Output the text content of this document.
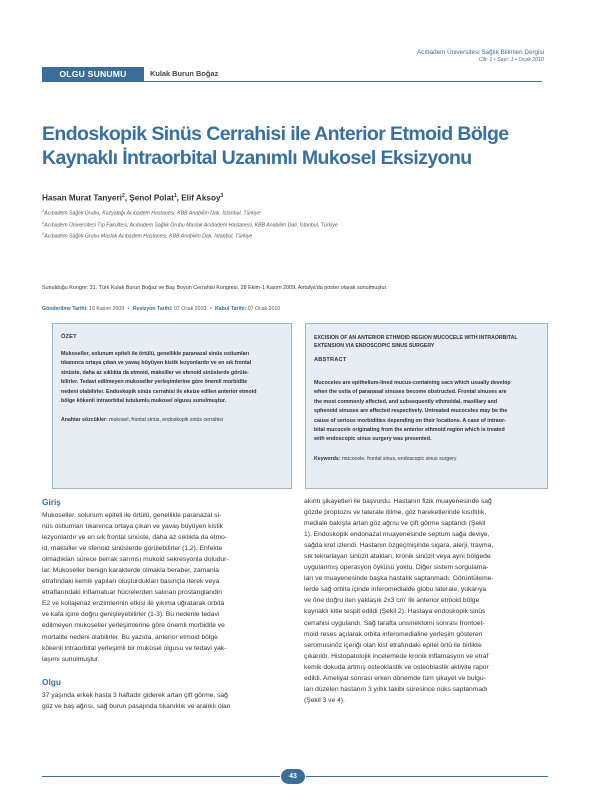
Acıbadem Üniversitesi Sağlık Bilimleri Dergisi
Cilt: 1 • Sayı: 1 • Ocak 2010
OLGU SUNUMU	Kulak Burun Boğaz
Endoskopik Sinüs Cerrahisi ile Anterior Etmoid Bölge
Kaynaklı İntraorbital Uzanımlı Mukosel Eksizyonu
Hasan Murat Tanyeri$^2$, Şenol Polat$^1$, Elif Aksoy$^3$
$^1$Acıbadem Sağlık Grubu, Kozyatağı Acıbadem Hastanesi, KBB Anabilim Dalı, İstanbul, Türkiye
$^2$Acıbadem Üniversitesi Tıp Fakültesi, Acıbadem Sağlık Grubu Maslak Acıbadem Hastanesi, KBB Anabilim Dalı, İstanbul, Türkiye
$^3$Acıbadem Sağlık Grubu Maslak Acıbadem Hastanesi, KBB Anabilim Dalı, İstanbul, Türkiye
Sunulduğu Kongre: 31. Türk Kulak Burun Boğaz ve Baş Boyun Cerrahisi Kongresi, 28 Ekim-1 Kasım 2009, Antalya'da poster olarak sunulmuştur.
Gönderilme Tarihi: 16 Kasım 2009 • Revizyon Tarihi: 07 Ocak 2010 • Kabul Tarihi: 07 Ocak 2010
ÖZET
Mukoseller, solunum epiteli ile örtülü, genellikle paranazal sinüs ostiumları
tıkanınca ortaya çıkan ve yavaş büyüyen kistik lezyonlardır ve en sık frontal
sinüste, daha az sıklıkta da etmoid, maksiller ve sfenoid sinüslerde görüle-
bilirler. Tedavi edilmeyen mukoseller yerleşimlerine göre önemli morbidite
nedeni olabilirler. Endoskopik sinüs cerrahisi ile eksize edilen anterior etmoid
bölge kökenli intraorbital tutulumlu mukosel olgusu sunulmuştur.
Anahtar sözcükler: mukosel, frontal sinüs, endoskopik sinüs cerrahisi
EXCISION OF AN ANTERIOR ETHMOID REGION MUCOCELE WITH INTRAORBITAL
EXTENSION VIA ENDOSCOPIC SINUS SURGERY
ABSTRACT
Mucoceles are epithelium-lined mucus-containing sacs which usually develop
when the ostia of paranasal sinuses become obstructed. Frontal sinuses are
the most commonly affected, and subsequently ethmoidal, maxillary and
sphenoid sinuses are affected respectively. Untreated mucoceles may be the
cause of serious morbidities depending on their locations. A case of intraor-
bital mucocele originating from the anterior ethmoid region which is treated
with endoscopic sinus surgery was presented.
Keywords: mucocele, frontal sinus, endoscopic sinus surgery
Giriş
Mukoseller, solunum epiteli ile örtülü, genellikle paranazal si-
nüs ostiumları tıkanınca ortaya çıkan ve yavaş büyüyen kistik
lezyonlardır ve en sık frontal sinüste, daha az sıklıkta da etmo-
id, maksiller ve sfenoid sinüslerde görülebilirler (1,2). Enfekte
olmadıkları sürece berrak sarımsı mukoid sekresyonla doludur-
lar. Mukoseller benign karakterde olmakla beraber, zamanla
etrafındaki kemik yapıları oluşturdukları basınçla iterek veya
etraflarındaki inflamatuar hücrelerden salınan prostanglandin
E2 ve kollajenaz enzimlerinin etkisi ile yıkıma uğratarak orbita
ve kafa içine doğru genişleyebilirler (1-3). Bu nedenle tedavi
edilmeyen mukoseller yerleşimlerine göre önemli morbidite ve
mortalite nedeni olabilirler. Bu yazıda, anterior etmoid bölge
kökenli intraorbital yerleşimli bir mukosel olgusu ve tedavi yak-
laşımı sunulmuştur.
Olgu
37 yaşında erkek hasta 3 haftadır giderek artan çift görme, sağ
göz ve baş ağrısı, sağ burun pasajında tıkanıklık ve aralıklı olan
akıntı şikayetleri ile başvurdu. Hastanın fizik muayenesinde sağ
gözde proptozis ve laterale itilme, göz hareketlerinde kısıtlılık,
mediale bakışta artan göz ağrısı ve çift görme saptandı (Şekil
1). Endoskopik endonazal muayenesinde septum sağa deviye,
sağda kret izlendi. Hastanın özgeçmişinde sigara, alerji, travma,
sık tekrarlayan sinüzit atakları, kronik sinüzit veya aynı bölgede
uygulanmış operasyon öyküsü yoktu. Diğer sistem sorgulama-
ları ve muayenesinde başka hastalık saptanmadı. Görüntüleme-
lerde sağ orbita içinde inferomedialde globu laterale, yukarıya
ve öne doğru iten yaklaşık 2x3 cm' lik anterior etmoid bölge
kaynaklı kitle tespit edildi (Şekil 2). Hastaya endoskopik sinüs
cerrahisi uygulandı. Sağ tarafta unsinektomi sonrası frontoet-
moid reses açılarak orbita inferomedialine yerleşim gösteren
seromusinöz içeriği olan kist etrafındaki epitel örtü ile birlikte
çıkarıldı. Histopatolojik incelemede kronik inflamasyon ve etraf
kemik dokuda artmış osteoklastik ve osteoblastik aktivite rapor
edildi. Ameliyat sonrası erken dönemde tüm şikayet ve bulgu-
ları düzelen hastanın 3 yıllık takibi süresince nüks saptanmadı
(Şekil 3 ve 4).
43
